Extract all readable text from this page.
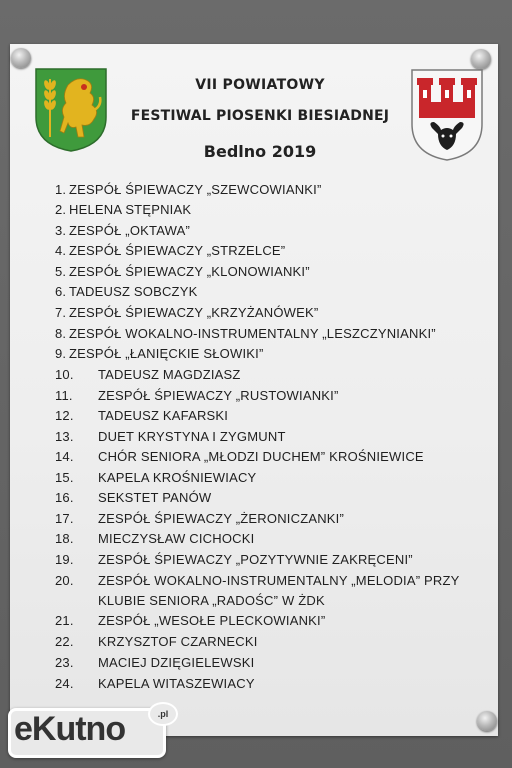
VII POWIATOWY
FESTIWAL PIOSENKI BIESIADNEJ
Bedlno 2019
1. ZESPÓŁ ŚPIEWACZY „SZEWCOWIANKI”
2. HELENA STĘPNIAK
3. ZESPÓŁ „OKTAWA”
4. ZESPÓŁ ŚPIEWACZY „STRZELCE”
5. ZESPÓŁ ŚPIEWACZY „KLONOWIANKI”
6. TADEUSZ SOBCZYK
7. ZESPÓŁ ŚPIEWACZY „KRZYŻANÓWEK”
8. ZESPÓŁ WOKALNO-INSTRUMENTALNY „LESZCZYNIANKI”
9. ZESPÓŁ „ŁANIĘCKIE SŁOWIKI”
10. TADEUSZ MAGDZIASZ
11. ZESPÓŁ ŚPIEWACZY „RUSTOWIANKI”
12. TADEUSZ KAFARSKI
13. DUET KRYSTYNA I ZYGMUNT
14. CHÓR SENIORA „MŁODZI DUCHEM” KROŚNIEWICE
15. KAPELA KROŚNIEWIACY
16. SEKSTET PANÓW
17. ZESPÓŁ ŚPIEWACZY „ŻERONICZANKI”
18. MIECZYSŁAW CICHOCKI
19. ZESPÓŁ ŚPIEWACZY „POZYTYWNIE ZAKRĘCENI”
20. ZESPÓŁ WOKALNO-INSTRUMENTALNY „MELODIA” PRZY
KLUBIE SENIORA „RADOŚC” W ŻDK
21. ZESPÓŁ „WESOŁE PLECKOWIANKI”
22. KRZYSZTOF CZARNECKI
23. MACIEJ DZIĘGIELEWSKI
24. KAPELA WITASZEWIACY
eKutno	.pl
